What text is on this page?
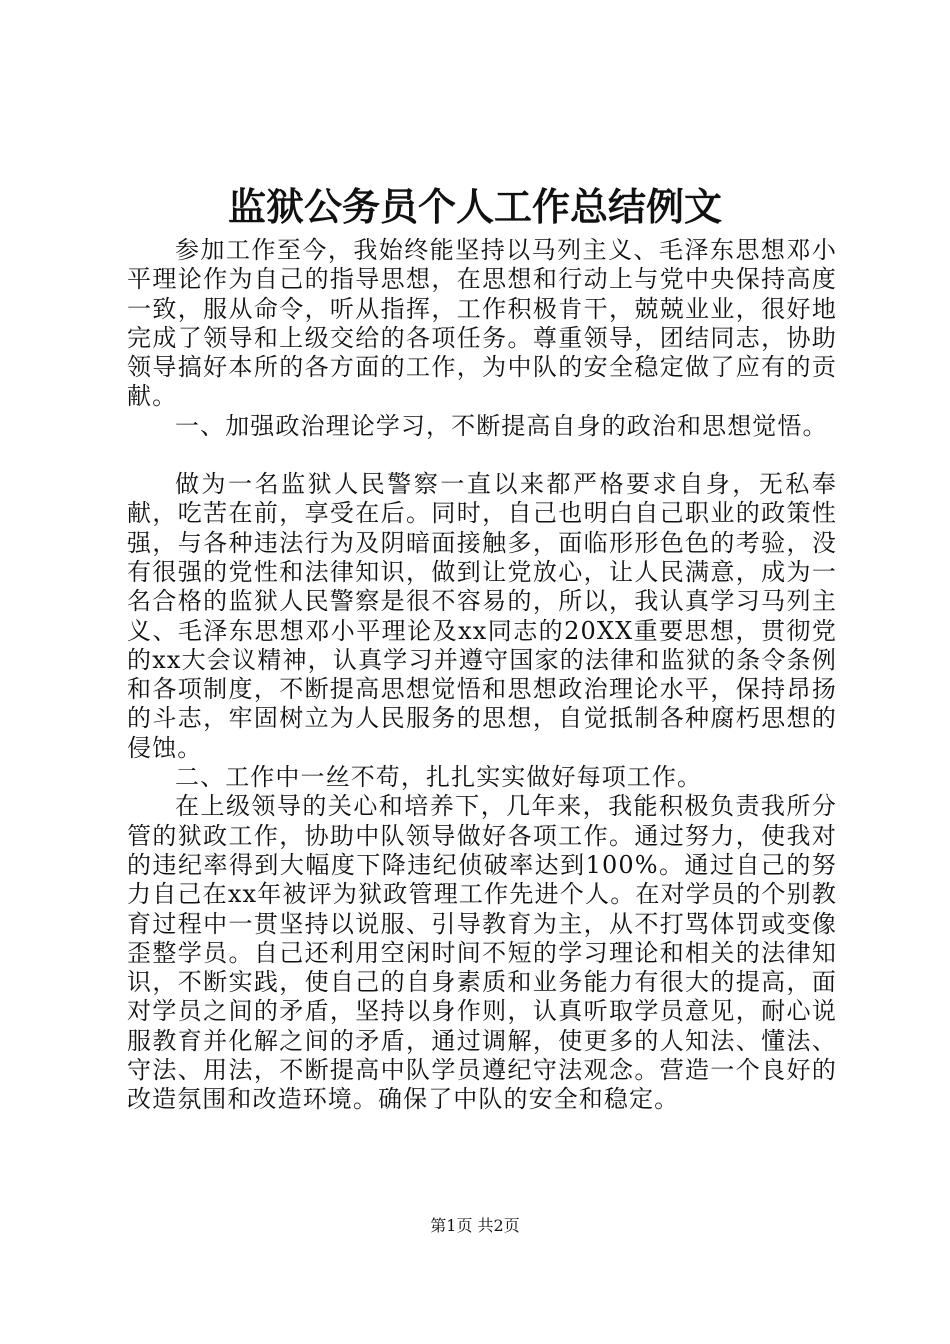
监狱公务员个人工作总结例文

参加工作至今，我始终能坚持以马列主义、毛泽东思想邓小平理论作为自己的指导思想，在思想和行动上与党中央保持高度一致，服从命令，听从指挥，工作积极肯干，兢兢业业，很好地完成了领导和上级交给的各项任务。尊重领导，团结同志，协助领导搞好本所的各方面的工作，为中队的安全稳定做了应有的贡献。

一、加强政治理论学习，不断提高自身的政治和思想觉悟。

做为一名监狱人民警察一直以来都严格要求自身，无私奉献，吃苦在前，享受在后。同时，自己也明白自己职业的政策性强，与各种违法行为及阴暗面接触多，面临形形色色的考验，没有很强的党性和法律知识，做到让党放心，让人民满意，成为一名合格的监狱人民警察是很不容易的，所以，我认真学习马列主义、毛泽东思想邓小平理论及xx同志的20XX重要思想，贯彻党的xx大会议精神，认真学习并遵守国家的法律和监狱的条令条例和各项制度，不断提高思想觉悟和思想政治理论水平，保持昂扬的斗志，牢固树立为人民服务的思想，自觉抵制各种腐朽思想的侵蚀。

二、工作中一丝不苟，扎扎实实做好每项工作。

在上级领导的关心和培养下，几年来，我能积极负责我所分管的狱政工作，协助中队领导做好各项工作。通过努力，使我对的违纪率得到大幅度下降违纪侦破率达到100%。通过自己的努力自己在xx年被评为狱政管理工作先进个人。在对学员的个别教育过程中一贯坚持以说服、引导教育为主，从不打骂体罚或变像歪整学员。自己还利用空闲时间不短的学习理论和相关的法律知识，不断实践，使自己的自身素质和业务能力有很大的提高，面对学员之间的矛盾，坚持以身作则，认真听取学员意见，耐心说服教育并化解之间的矛盾，通过调解，使更多的人知法、懂法、守法、用法，不断提高中队学员遵纪守法观念。营造一个良好的改造氛围和改造环境。确保了中队的安全和稳定。

第1页 共2页
